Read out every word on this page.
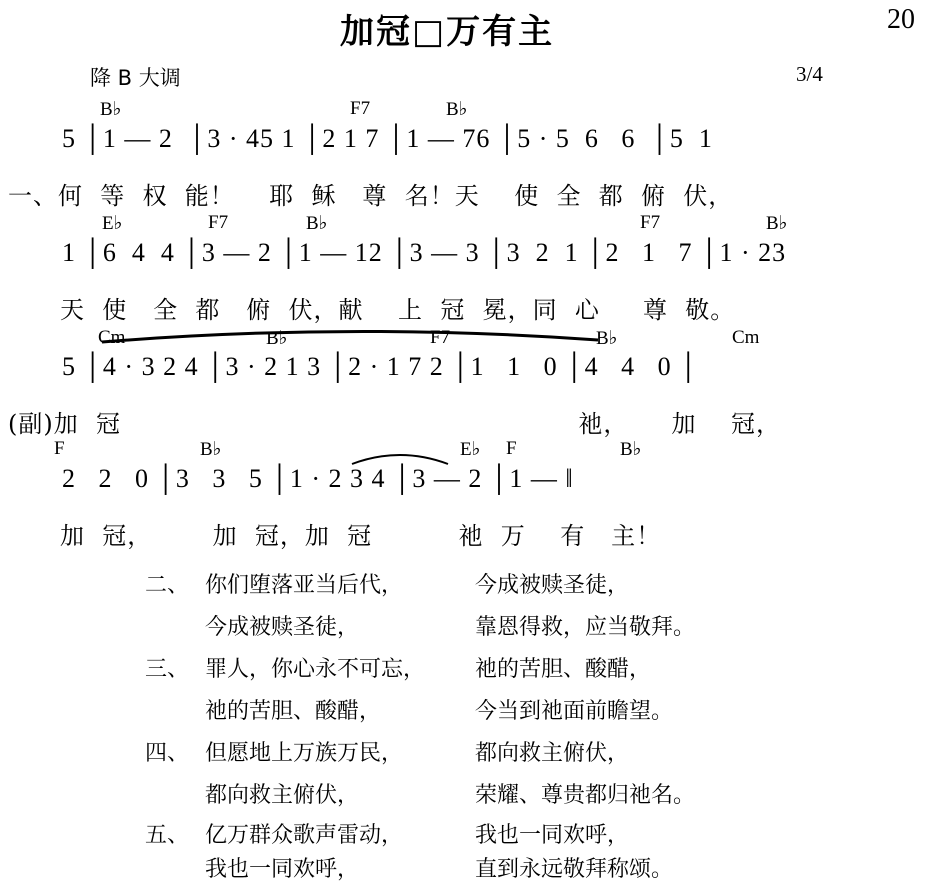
加冠□万有主	20
降 B 大调	3/4
B♭	F7	B♭
5 │1 — 2  │3 · 45 1 │2 1 7 │1 — 76 │5 · 5  6   6  │5  1
一、何  等  权  能！    耶  稣   尊  名！天    使  全  都  俯  伏，
E♭	F7	B♭	F7	B♭
1 │6  4  4 │3 — 2 │1 — 12 │3 — 3 │3  2  1 │2   1   7 │1 · 23
天  使   全  都   俯  伏，献    上  冠  冕，同  心     尊  敬。
Cm	B♭	F7	B♭	Cm
5 │4 · 3 2 4 │3 · 2 1 3 │2 · 1 7 2 │1   1   0 │4   4   0 │
(副)加  冠                                                     祂，     加    冠，
F	B♭	E♭ F	B♭
2   2   0 │3   3   5 │1 · 2 3 4 │3 — 2 │1 — ‖
加  冠，       加  冠，加  冠          祂  万    有   主！
二、 你们堕落亚当后代，	今成被赎圣徒，
今成被赎圣徒，	靠恩得救，应当敬拜。
三、 罪人，你心永不可忘， 祂的苦胆、酸醋，
祂的苦胆、酸醋，	今当到祂面前瞻望。
四、 但愿地上万族万民，	都向救主俯伏，
都向救主俯伏，	荣耀、尊贵都归祂名。
五、 亿万群众歌声雷动，	我也一同欢呼，
我也一同欢呼，	直到永远敬拜称颂。
